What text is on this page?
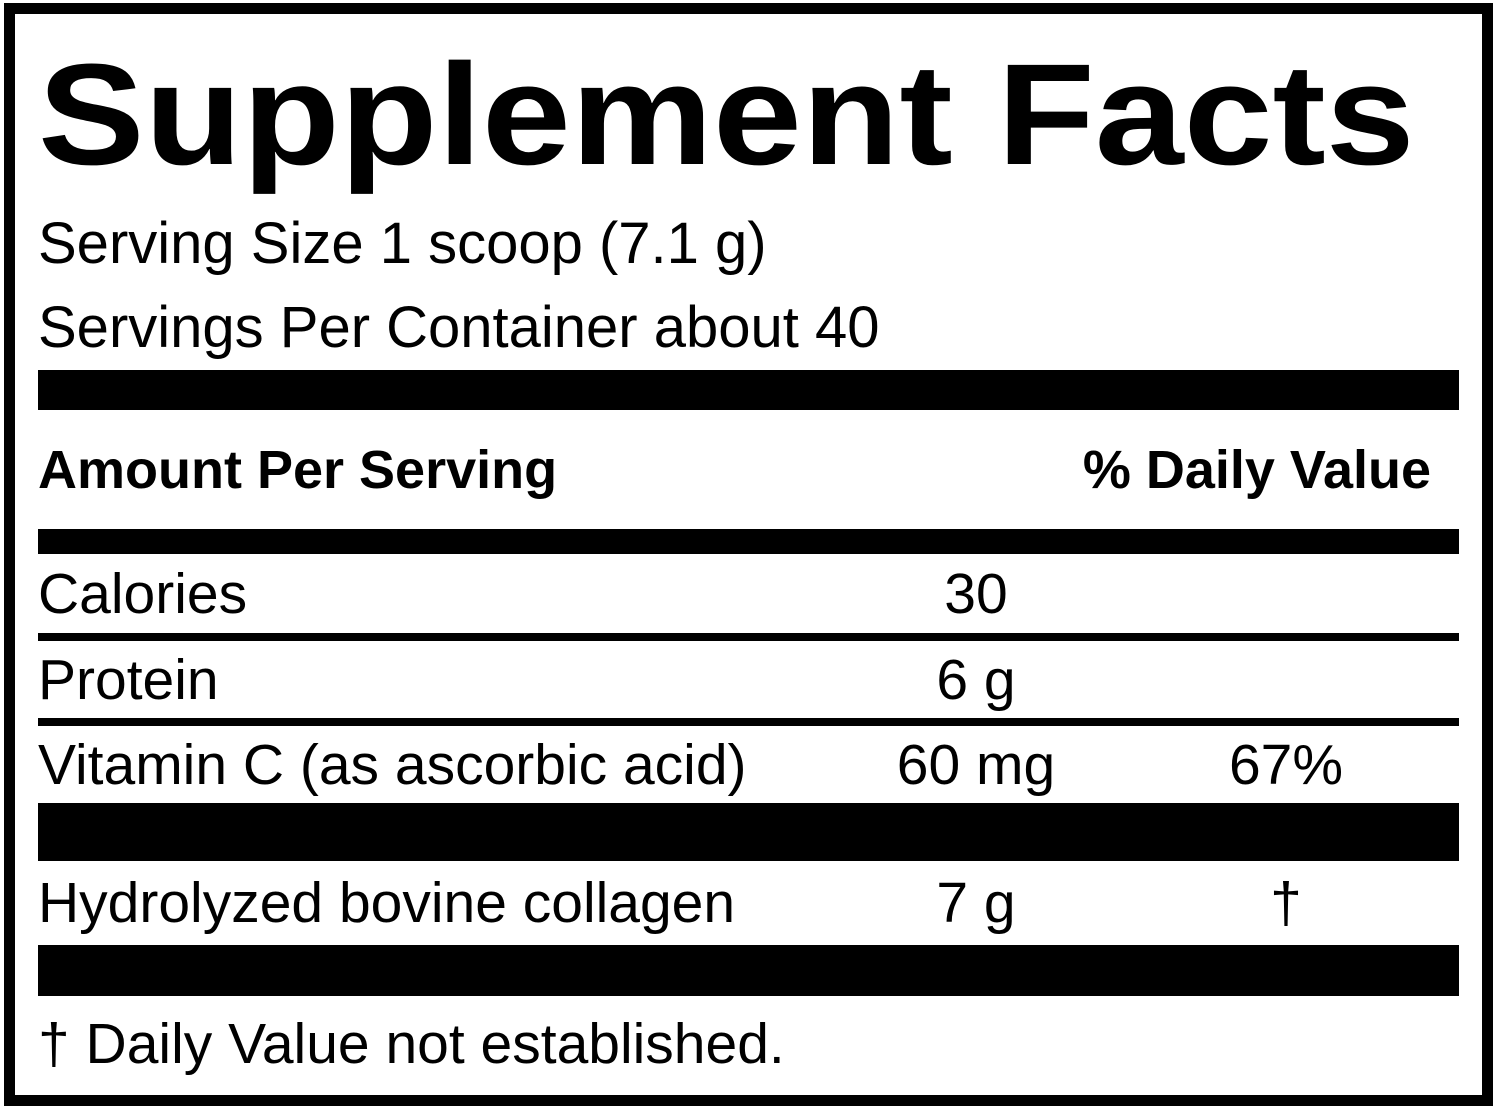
Supplement Facts
Serving Size 1 scoop (7.1 g)
Servings Per Container about 40
Amount Per Serving	% Daily Value
Calories	30
Protein	6 g
Vitamin C (as ascorbic acid)	60 mg	67%
Hydrolyzed bovine collagen	7 g	†
† Daily Value not established.
